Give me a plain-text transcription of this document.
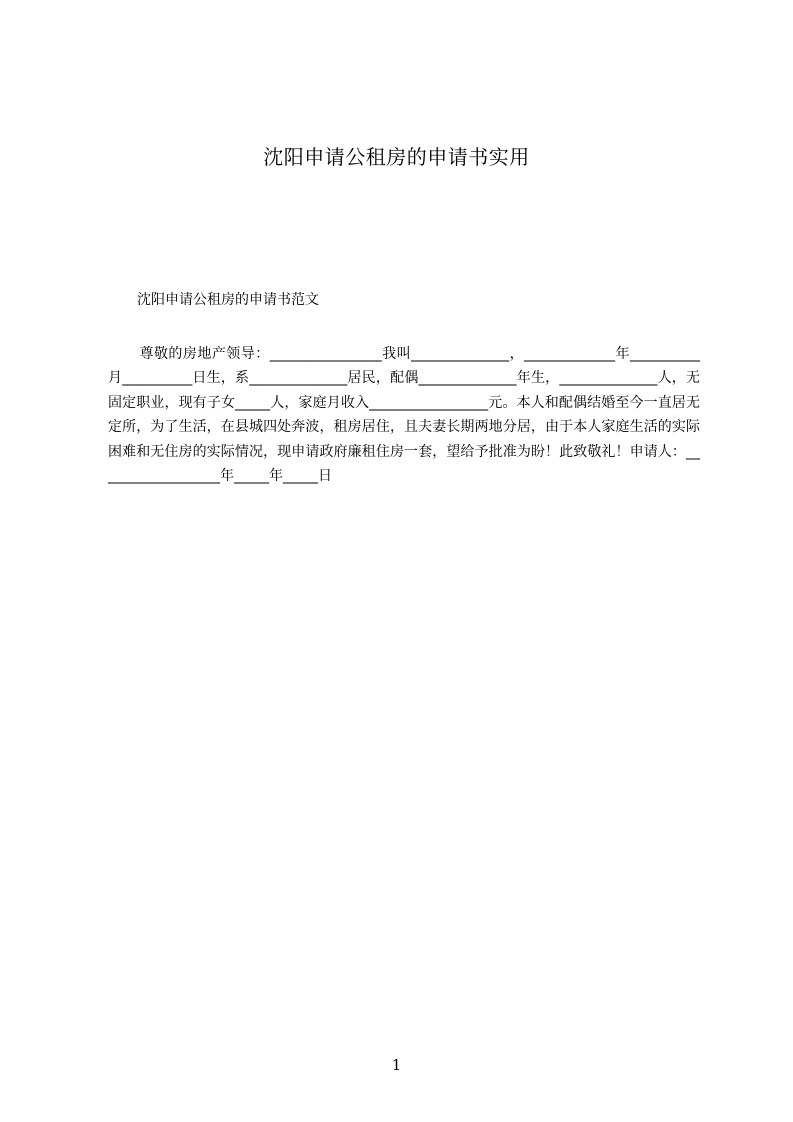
沈阳申请公租房的申请书实用
沈阳申请公租房的申请书范文
尊敬的房地产领导：________________我叫______________，_____________年__________月__________日生，系______________居民，配偶______________年生，______________人，无固定职业，现有子女_____人，家庭月收入_________________元。本人和配偶结婚至今一直居无定所，为了生活，在县城四处奔波，租房居住，且夫妻长期两地分居，由于本人家庭生活的实际困难和无住房的实际情况，现申请政府廉租住房一套，望给予批准为盼！此致敬礼！申请人：__________________年_____年_____日
1
